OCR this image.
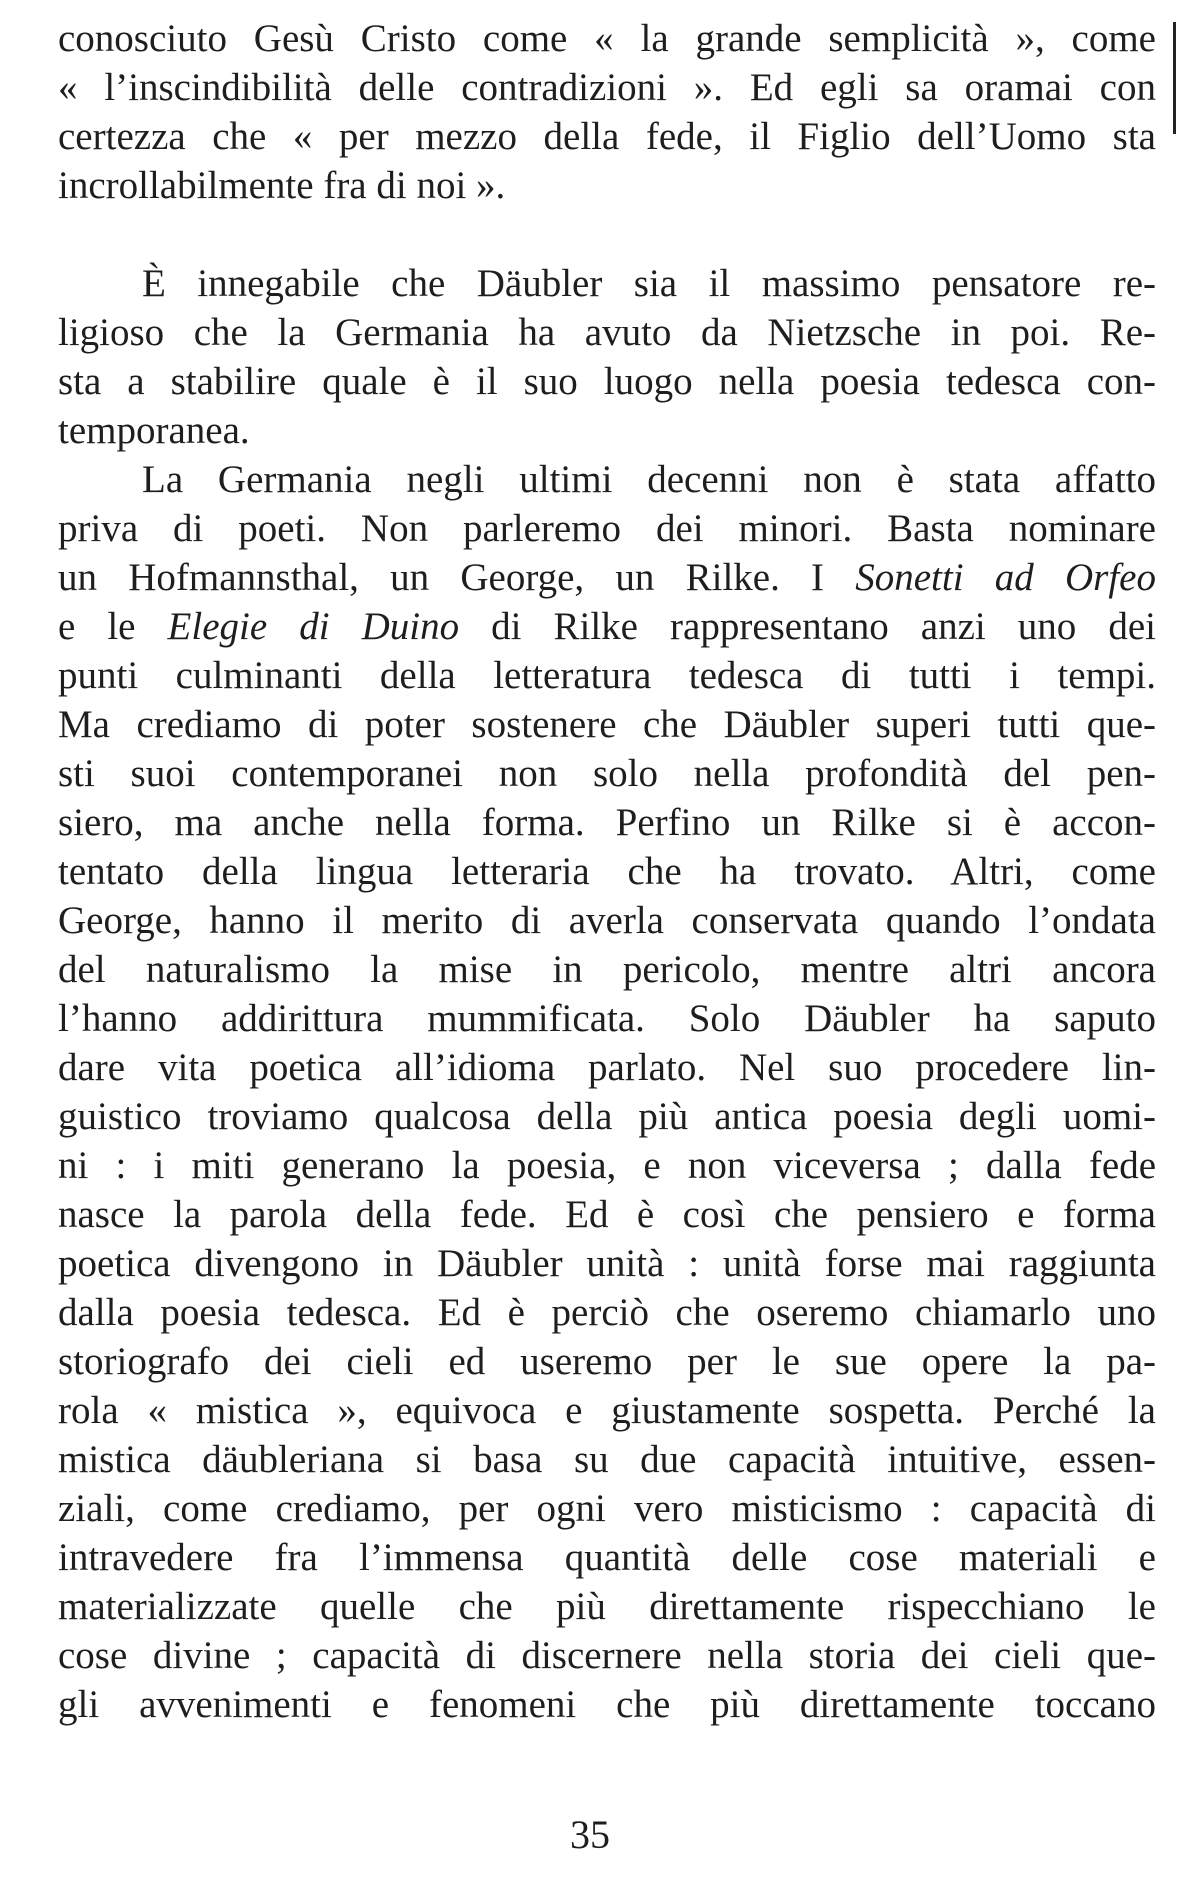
conosciuto Gesù Cristo come « la grande semplicità », come
« l’inscindibilità delle contradizioni ». Ed egli sa oramai con
certezza che « per mezzo della fede, il Figlio dell’Uomo sta
incrollabilmente fra di noi ».
È innegabile che Däubler sia il massimo pensatore re-
ligioso che la Germania ha avuto da Nietzsche in poi. Re-
sta a stabilire quale è il suo luogo nella poesia tedesca con-
temporanea.
La Germania negli ultimi decenni non è stata affatto
priva di poeti. Non parleremo dei minori. Basta nominare
un Hofmannsthal, un George, un Rilke. I Sonetti ad Orfeo
e le Elegie di Duino di Rilke rappresentano anzi uno dei
punti culminanti della letteratura tedesca di tutti i tempi.
Ma crediamo di poter sostenere che Däubler superi tutti que-
sti suoi contemporanei non solo nella profondità del pen-
siero, ma anche nella forma. Perfino un Rilke si è accon-
tentato della lingua letteraria che ha trovato. Altri, come
George, hanno il merito di averla conservata quando l’ondata
del naturalismo la mise in pericolo, mentre altri ancora
l’hanno addirittura mummificata. Solo Däubler ha saputo
dare vita poetica all’idioma parlato. Nel suo procedere lin-
guistico troviamo qualcosa della più antica poesia degli uomi-
ni : i miti generano la poesia, e non viceversa ; dalla fede
nasce la parola della fede. Ed è così che pensiero e forma
poetica divengono in Däubler unità : unità forse mai raggiunta
dalla poesia tedesca. Ed è perciò che oseremo chiamarlo uno
storiografo dei cieli ed useremo per le sue opere la pa-
rola « mistica », equivoca e giustamente sospetta. Perché la
mistica däubleriana si basa su due capacità intuitive, essen-
ziali, come crediamo, per ogni vero misticismo : capacità di
intravedere fra l’immensa quantità delle cose materiali e
materializzate quelle che più direttamente rispecchiano le
cose divine ; capacità di discernere nella storia dei cieli que-
gli avvenimenti e fenomeni che più direttamente toccano
35
